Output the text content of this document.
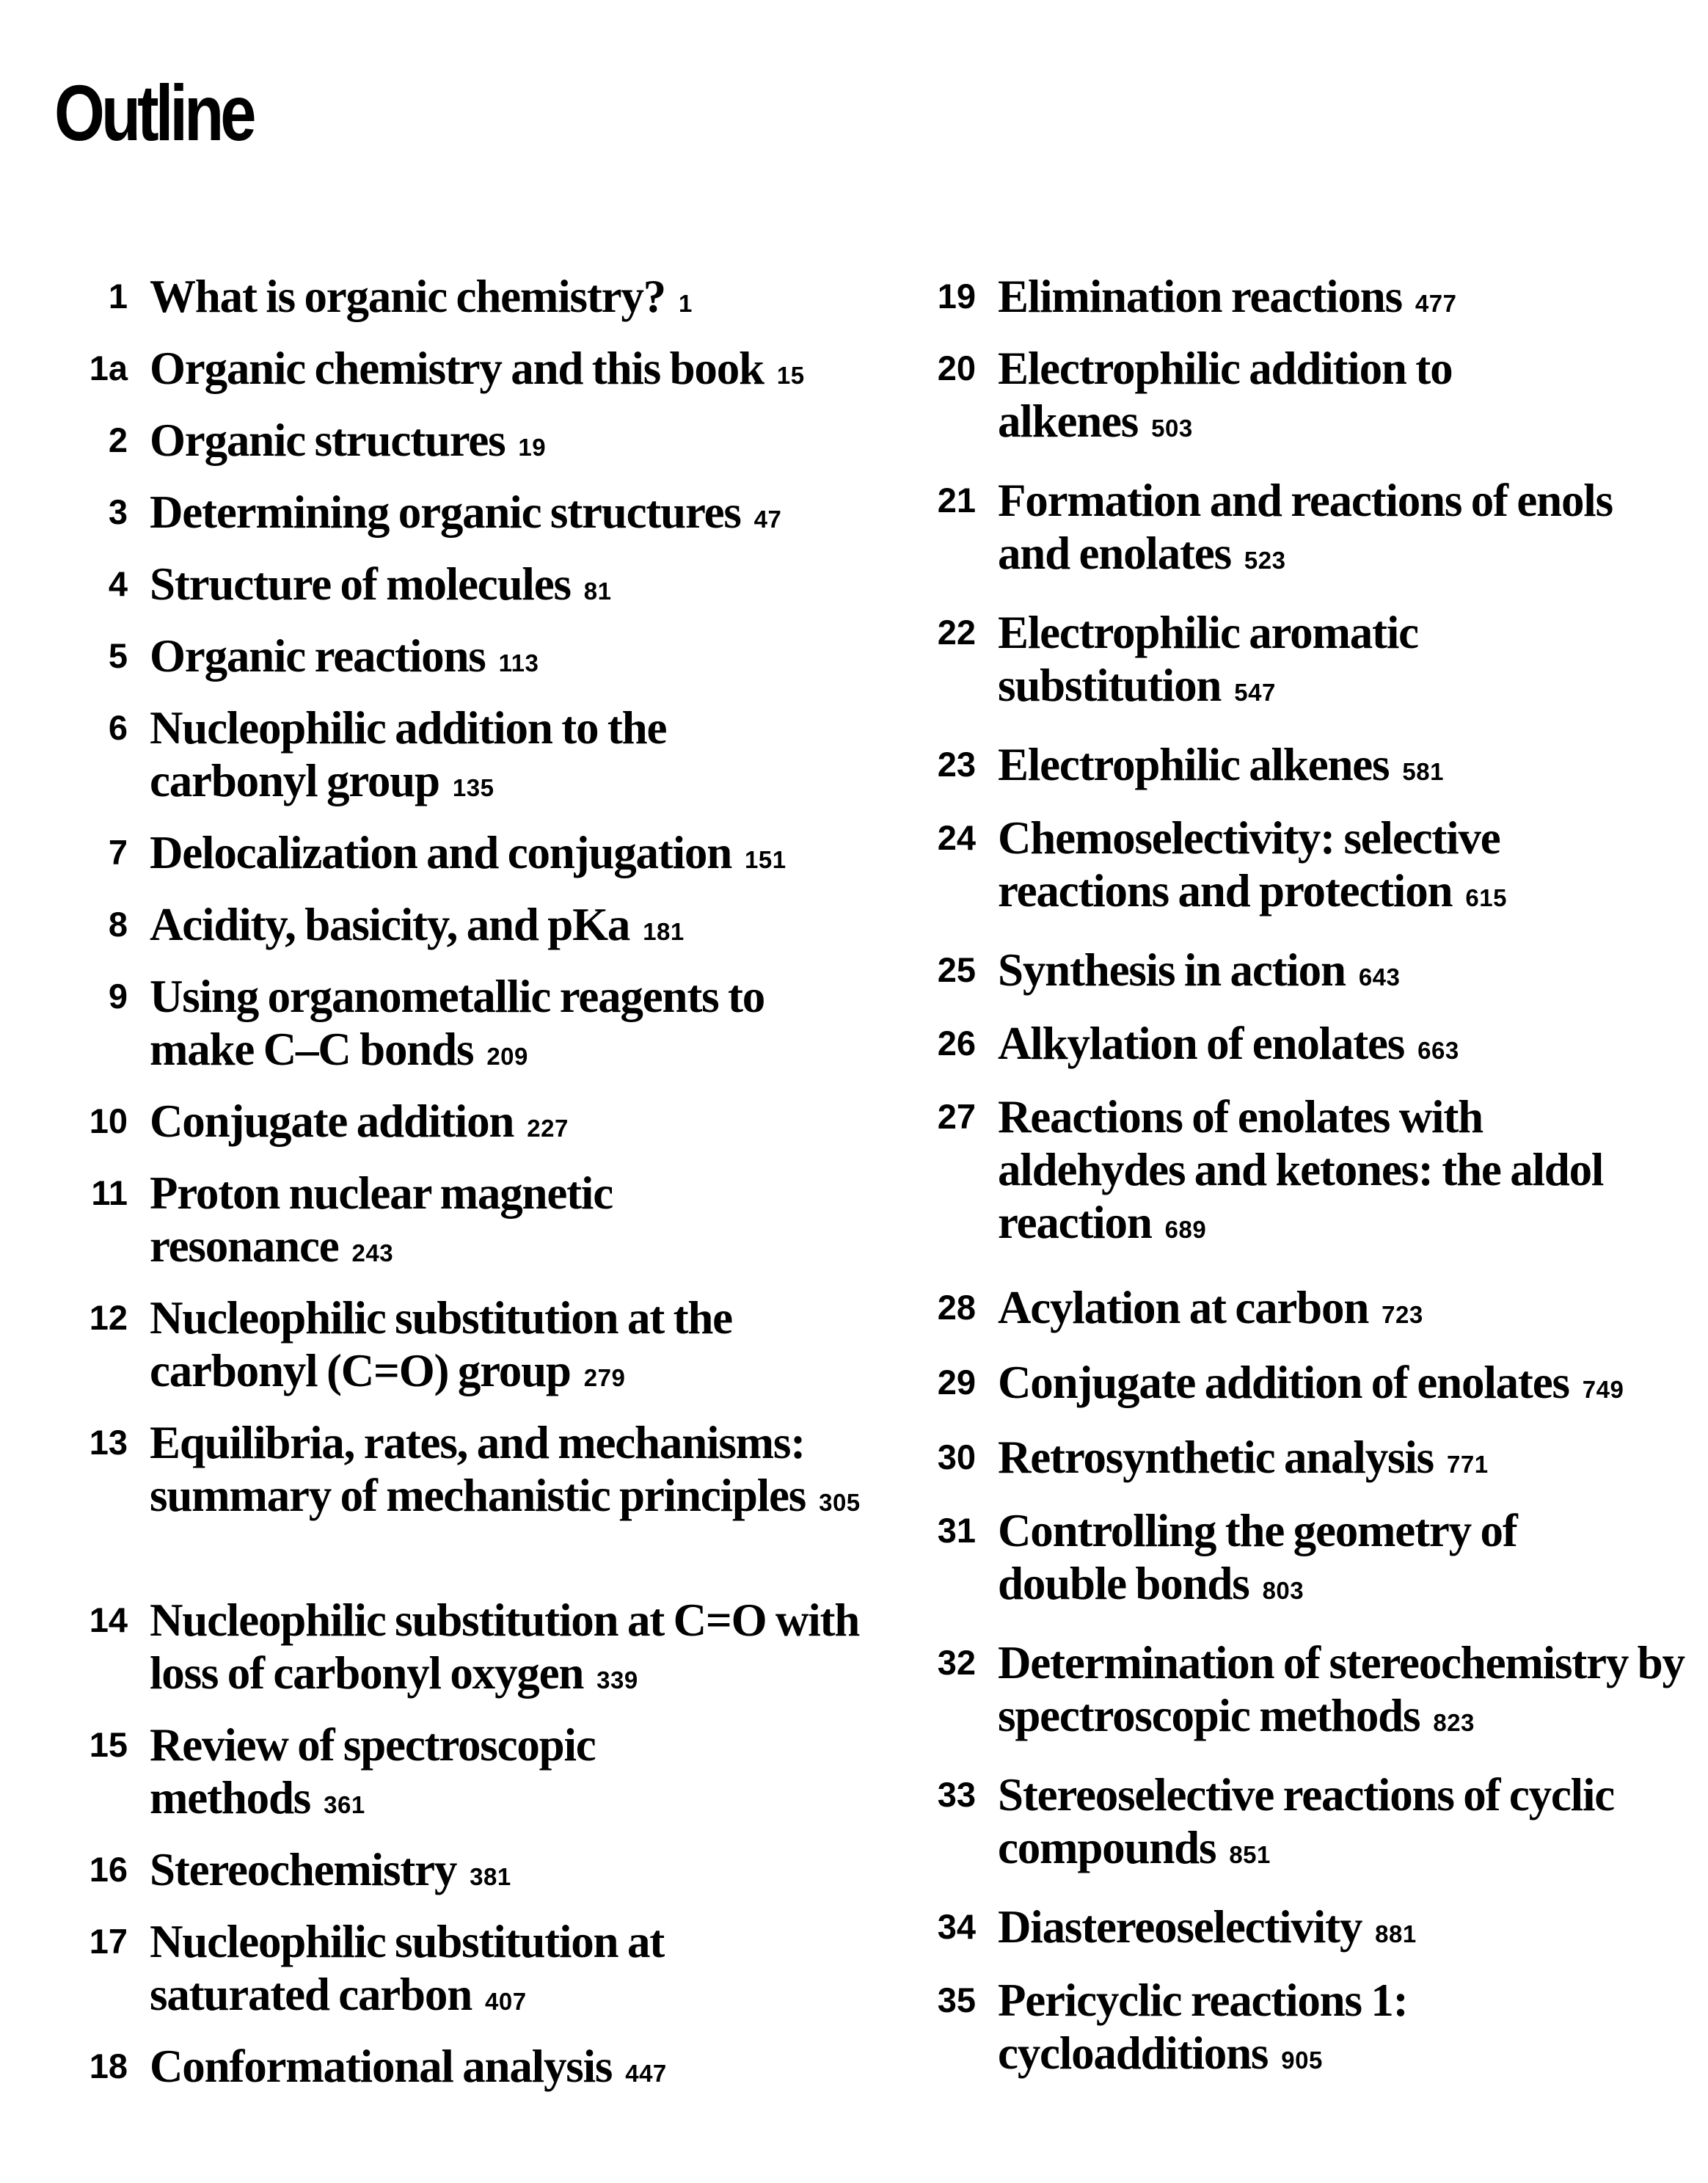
Outline
1 What is organic chemistry? 1
1a Organic chemistry and this book 15
2 Organic structures 19
3 Determining organic structures 47
4 Structure of molecules 81
5 Organic reactions 113
6 Nucleophilic addition to the carbonyl group 135
7 Delocalization and conjugation 151
8 Acidity, basicity, and pKa 181
9 Using organometallic reagents to make C–C bonds 209
10 Conjugate addition 227
11 Proton nuclear magnetic resonance 243
12 Nucleophilic substitution at the carbonyl (C=O) group 279
13 Equilibria, rates, and mechanisms: summary of mechanistic principles 305
14 Nucleophilic substitution at C=O with loss of carbonyl oxygen 339
15 Review of spectroscopic methods 361
16 Stereochemistry 381
17 Nucleophilic substitution at saturated carbon 407
18 Conformational analysis 447
19 Elimination reactions 477
20 Electrophilic addition to alkenes 503
21 Formation and reactions of enols and enolates 523
22 Electrophilic aromatic substitution 547
23 Electrophilic alkenes 581
24 Chemoselectivity: selective reactions and protection 615
25 Synthesis in action 643
26 Alkylation of enolates 663
27 Reactions of enolates with aldehydes and ketones: the aldol reaction 689
28 Acylation at carbon 723
29 Conjugate addition of enolates 749
30 Retrosynthetic analysis 771
31 Controlling the geometry of double bonds 803
32 Determination of stereochemistry by spectroscopic methods 823
33 Stereoselective reactions of cyclic compounds 851
34 Diastereoselectivity 881
35 Pericyclic reactions 1: cycloadditions 905
